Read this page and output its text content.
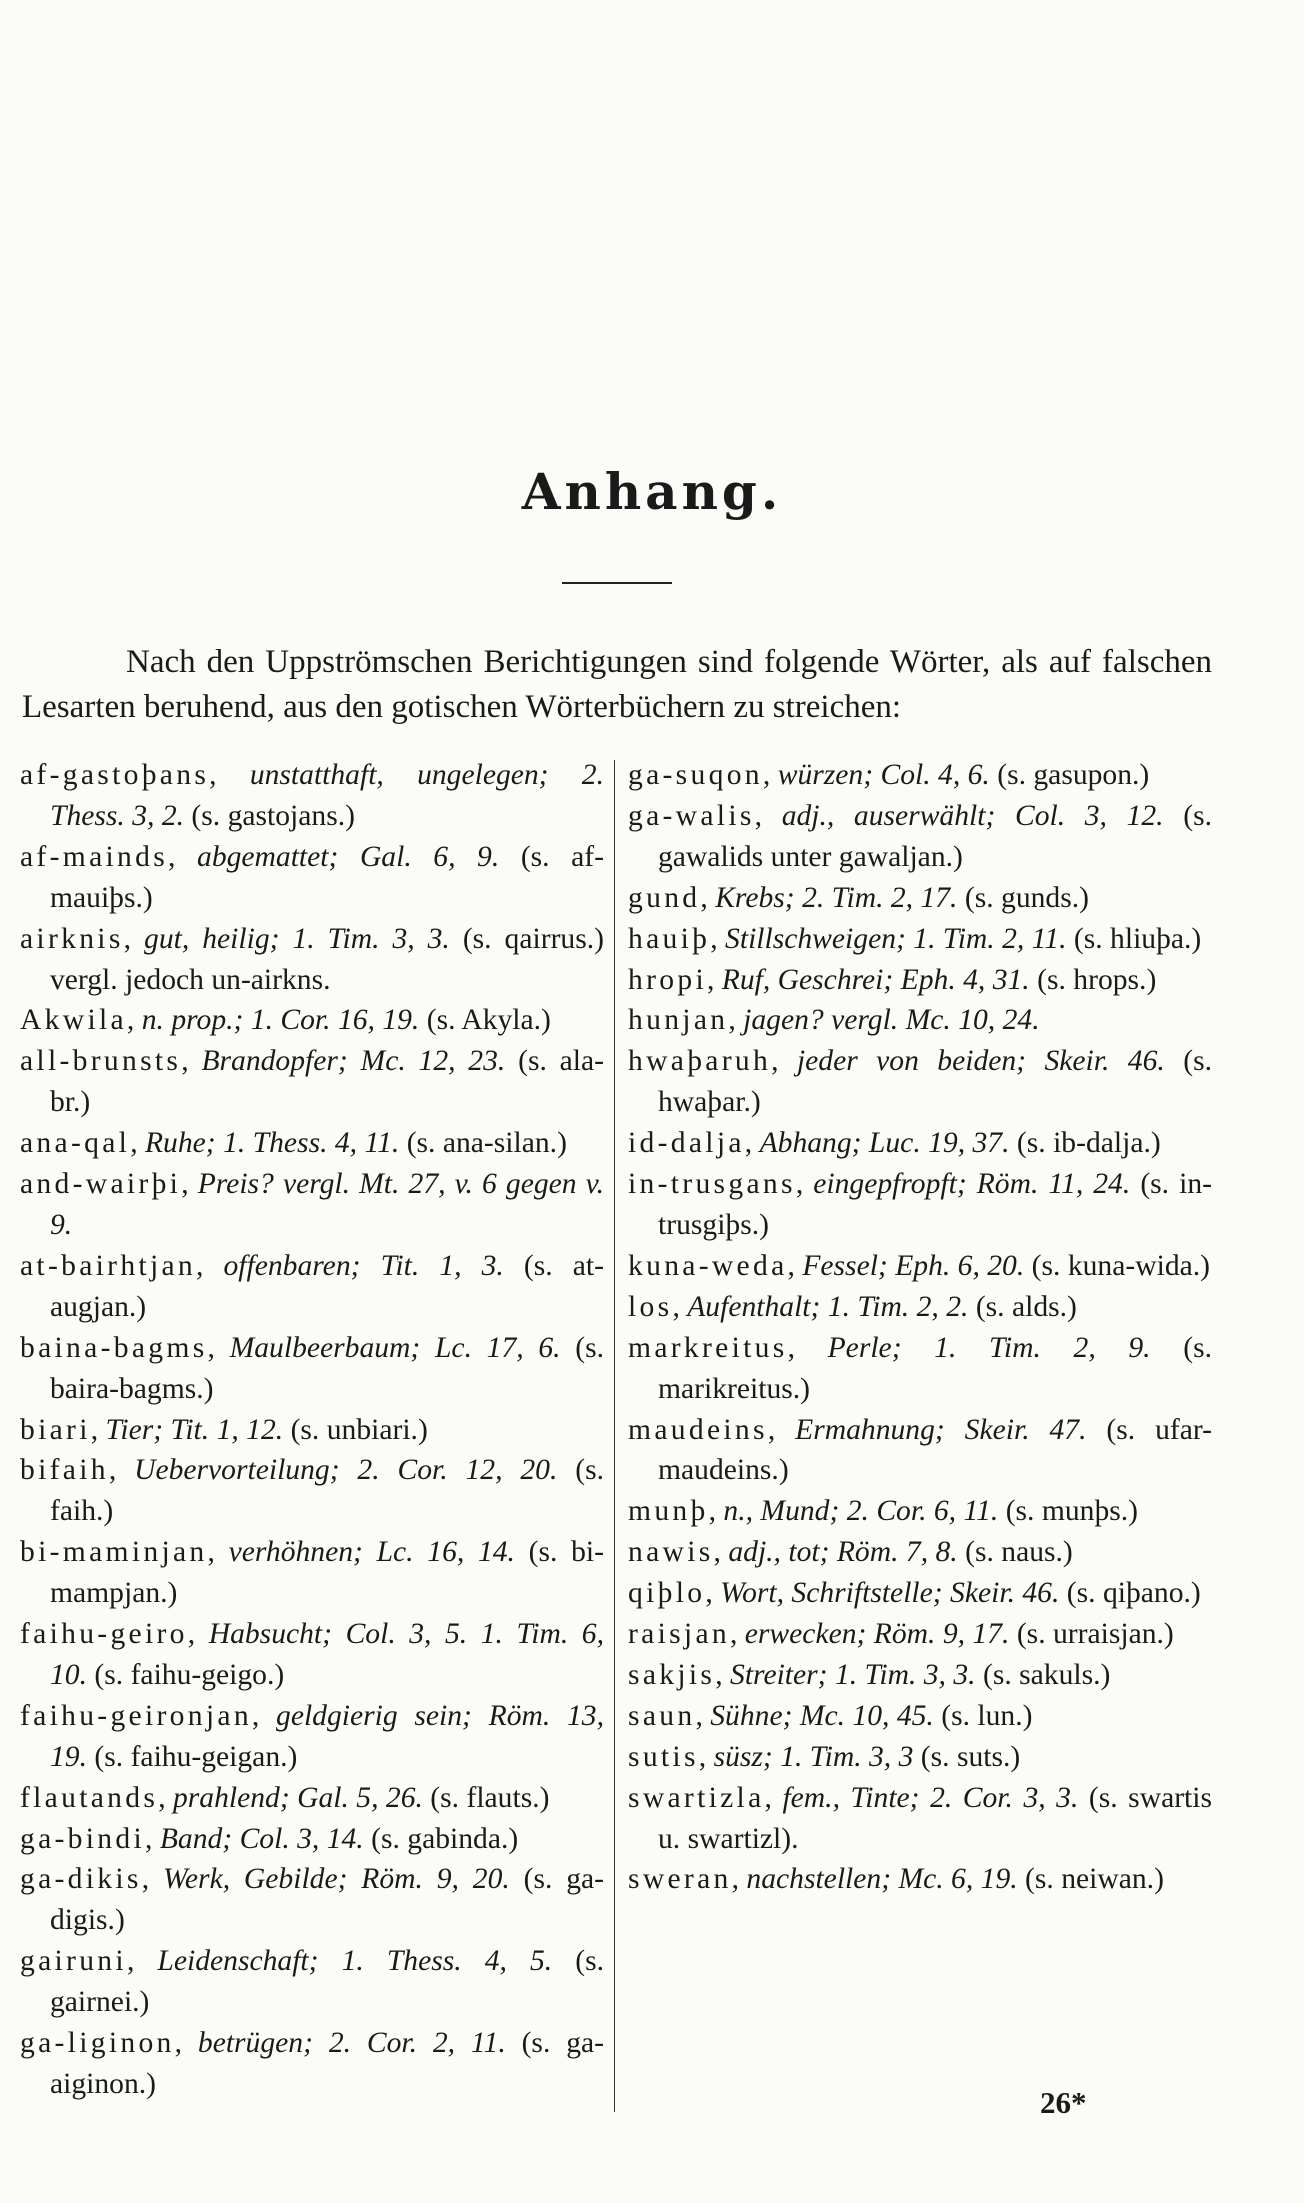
Anhang.

Nach den Uppströmschen Berichtigungen sind folgende Wörter, als auf falschen Lesarten beruhend, aus den gotischen Wörterbüchern zu streichen:

af-gastoþans, unstatthaft, ungelegen; 2. Thess. 3, 2. (s. gastojans.)

af-mainds, abgemattet; Gal. 6, 9. (s. af-mauiþs.)

airknis, gut, heilig; 1. Tim. 3, 3. (s. qairrus.) vergl. jedoch un-airkns.

Akwila, n. prop.; 1. Cor. 16, 19. (s. Akyla.)

all-brunsts, Brandopfer; Mc. 12, 23. (s. ala-br.)

ana-qal, Ruhe; 1. Thess. 4, 11. (s. ana-silan.)

and-wairþi, Preis? vergl. Mt. 27, v. 6 gegen v. 9.

at-bairhtjan, offenbaren; Tit. 1, 3. (s. at-augjan.)

baina-bagms, Maulbeerbaum; Lc. 17, 6. (s. baira-bagms.)

biari, Tier; Tit. 1, 12. (s. unbiari.)

bifaih, Uebervorteilung; 2. Cor. 12, 20. (s. faih.)

bi-maminjan, verhöhnen; Lc. 16, 14. (s. bi-mampjan.)

faihu-geiro, Habsucht; Col. 3, 5. 1. Tim. 6, 10. (s. faihu-geigo.)

faihu-geironjan, geldgierig sein; Röm. 13, 19. (s. faihu-geigan.)

flautands, prahlend; Gal. 5, 26. (s. flauts.)

ga-bindi, Band; Col. 3, 14. (s. gabinda.)

ga-dikis, Werk, Gebilde; Röm. 9, 20. (s. ga-digis.)

gairuni, Leidenschaft; 1. Thess. 4, 5. (s. gairnei.)

ga-liginon, betrügen; 2. Cor. 2, 11. (s. ga-aiginon.)

ga-suqon, würzen; Col. 4, 6. (s. gasupon.)

ga-walis, adj., auserwählt; Col. 3, 12. (s. gawalids unter gawaljan.)

gund, Krebs; 2. Tim. 2, 17. (s. gunds.)

hauiþ, Stillschweigen; 1. Tim. 2, 11. (s. hliuþa.)

hropi, Ruf, Geschrei; Eph. 4, 31. (s. hrops.)

hunjan, jagen? vergl. Mc. 10, 24.

hwaþaruh, jeder von beiden; Skeir. 46. (s. hwaþar.)

id-dalja, Abhang; Luc. 19, 37. (s. ib-dalja.)

in-trusgans, eingepfropft; Röm. 11, 24. (s. in-trusgiþs.)

kuna-weda, Fessel; Eph. 6, 20. (s. kuna-wida.)

los, Aufenthalt; 1. Tim. 2, 2. (s. alds.)

markreitus, Perle; 1. Tim. 2, 9. (s. marikreitus.)

maudeins, Ermahnung; Skeir. 47. (s. ufar-maudeins.)

munþ, n., Mund; 2. Cor. 6, 11. (s. munþs.)

nawis, adj., tot; Röm. 7, 8. (s. naus.)

qiþlo, Wort, Schriftstelle; Skeir. 46. (s. qiþano.)

raisjan, erwecken; Röm. 9, 17. (s. urraisjan.)

sakjis, Streiter; 1. Tim. 3, 3. (s. sakuls.)

saun, Sühne; Mc. 10, 45. (s. lun.)

sutis, süsz; 1. Tim. 3, 3 (s. suts.)

swartizla, fem., Tinte; 2. Cor. 3, 3. (s. swartis u. swartizl).

sweran, nachstellen; Mc. 6, 19. (s. neiwan.)

26*
